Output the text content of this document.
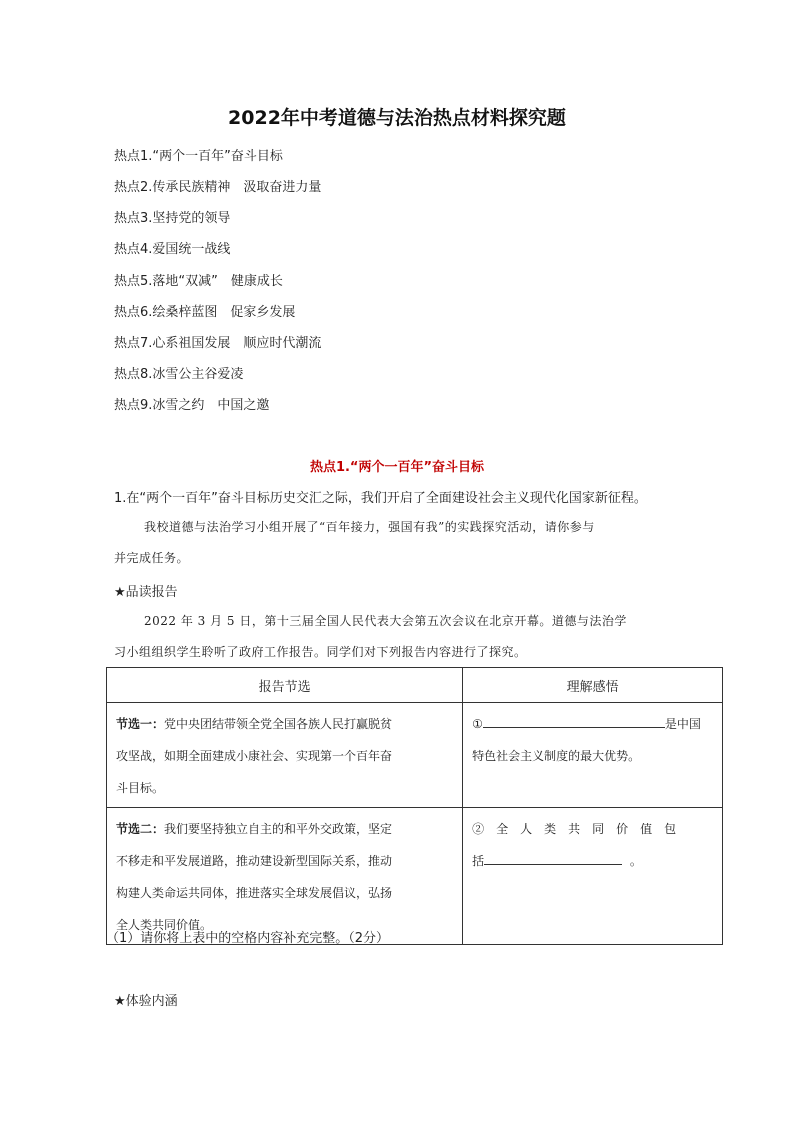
2022年中考道德与法治热点材料探究题
热点1.“两个一百年”奋斗目标
热点2.传承民族精神　汲取奋进力量
热点3.坚持党的领导
热点4.爱国统一战线
热点5.落地“双减”　健康成长
热点6.绘桑梓蓝图　促家乡发展
热点7.心系祖国发展　顺应时代潮流
热点8.冰雪公主谷爱凌
热点9.冰雪之约　中国之邀
热点1.“两个一百年”奋斗目标
1.在“两个一百年”奋斗目标历史交汇之际，我们开启了全面建设社会主义现代化国家新征程。
我校道德与法治学习小组开展了“百年接力，强国有我”的实践探究活动，请你参与
并完成任务。
★品读报告
2022 年 3 月 5 日，第十三届全国人民代表大会第五次会议在北京开幕。道德与法治学
习小组组织学生聆听了政府工作报告。同学们对下列报告内容进行了探究。
报告节选	理解感悟

节选一：党中央团结带领全党全国各族人民打赢脱贫
攻坚战，如期全面建成小康社会、实现第一个百年奋
斗目标。	① 是中国
特色社会主义制度的最大优势。

节选二：我们要坚持独立自主的和平外交政策，坚定
不移走和平发展道路，推动建设新型国际关系，推动
构建人类命运共同体，推进落实全球发展倡议，弘扬
全人类共同价值。	②　全　人　类　共　同　价　值　包
括 。
（1）请你将上表中的空格内容补充完整。（2分）
★体验内涵
